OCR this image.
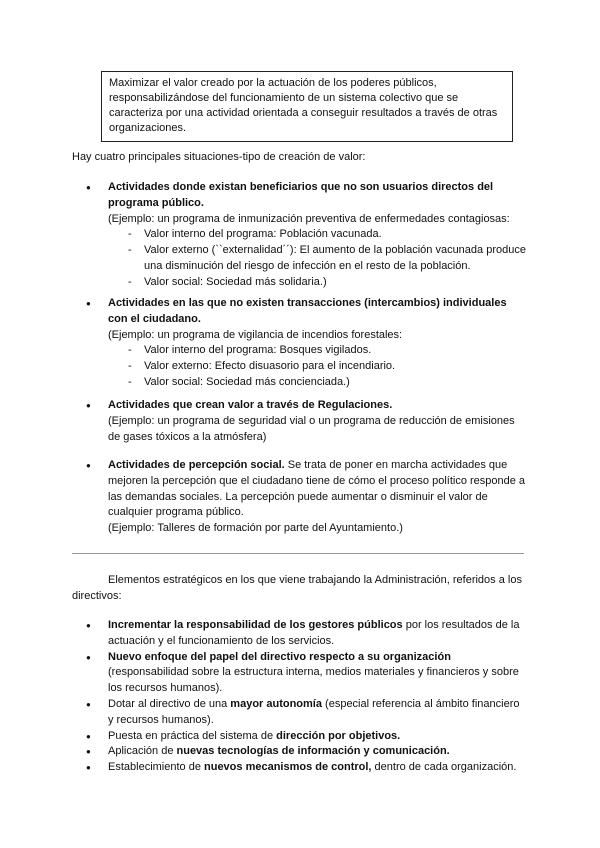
Maximizar el valor creado por la actuación de los poderes públicos, responsabilizándose del funcionamiento de un sistema colectivo que se caracteriza por una actividad orientada a conseguir resultados a través de otras organizaciones.
Hay cuatro principales situaciones-tipo de creación de valor:
● Actividades donde existan beneficiarios que no son usuarios directos del programa público.
(Ejemplo: un programa de inmunización preventiva de enfermedades contagiosas:
- Valor interno del programa: Población vacunada.
- Valor externo (``externalidad´´): El aumento de la población vacunada produce una disminución del riesgo de infección en el resto de la población.
- Valor social: Sociedad más solidaria.)
● Actividades en las que no existen transacciones (intercambios) individuales con el ciudadano.
(Ejemplo: un programa de vigilancia de incendios forestales:
- Valor interno del programa: Bosques vigilados.
- Valor externo: Efecto disuasorio para el incendiario.
- Valor social: Sociedad más concienciada.)
● Actividades que crean valor a través de Regulaciones.
(Ejemplo: un programa de seguridad vial o un programa de reducción de emisiones de gases tóxicos a la atmósfera)
● Actividades de percepción social. Se trata de poner en marcha actividades que mejoren la percepción que el ciudadano tiene de cómo el proceso político responde a las demandas sociales. La percepción puede aumentar o disminuir el valor de cualquier programa público.
(Ejemplo: Talleres de formación por parte del Ayuntamiento.)
Elementos estratégicos en los que viene trabajando la Administración, referidos a los directivos:
● Incrementar la responsabilidad de los gestores públicos por los resultados de la actuación y el funcionamiento de los servicios.
● Nuevo enfoque del papel del directivo respecto a su organización (responsabilidad sobre la estructura interna, medios materiales y financieros y sobre los recursos humanos).
● Dotar al directivo de una mayor autonomía (especial referencia al ámbito financiero y recursos humanos).
● Puesta en práctica del sistema de dirección por objetivos.
● Aplicación de nuevas tecnologías de información y comunicación.
● Establecimiento de nuevos mecanismos de control, dentro de cada organización.
